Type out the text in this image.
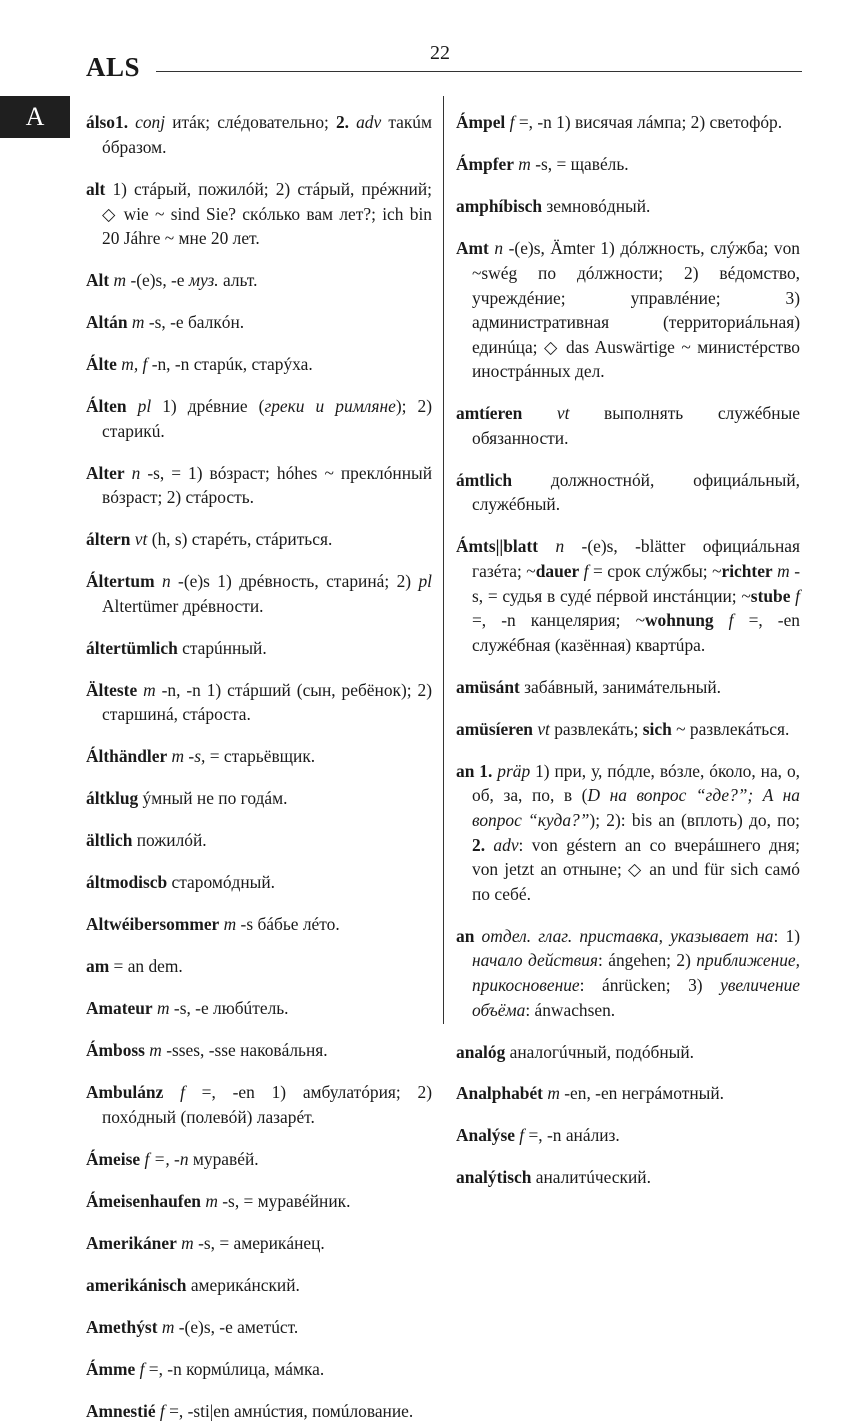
ALS	22
A álso1. conj итáк; слéдовательно; 2. adv такúм óбразом.

alt 1) стáрый, пожилóй; 2) стáрый, прéжний; ◇ wie ~ sind Sie? скóлько вам лет?; ich bin 20 Jáhre ~ мне 20 лет.

Alt m -(e)s, -e муз. альт.

Altán m -s, -e балкóн.

Álte m, f -n, -n старúк, старýха.

Álten pl 1) дрéвние (греки и римляне); 2) старикú.

Alter n -s, = 1) вóзраст; hóhes ~ преклóнный вóзраст; 2) стáрость.

áltern vt (h, s) старéть, стáриться.

Áltertum n -(e)s 1) дрéвность, старинá; 2) pl Altertümer дрéвности.

áltertümlich старúнный.

Älteste m -n, -n 1) стáрший (сын, ребёнок); 2) старшинá, стáроста.

Álthändler m -s, = старьёвщик.

áltklug ýмный не по годáм.

ältlich пожилóй.

áltmodiscb старомóдный.

Altwéibersommer m -s бáбье лéто.

am = an dem.

Amateur m -s, -e любúтель.

Ámboss m -sses, -sse наковáльня.

Ambulánz f =, -en 1) амбулатóрия; 2) похóдный (полевóй) лазарéт.

Ámeise f =, -n муравéй.

Ámeisenhaufen m -s, = муравéйник.

Amerikáner m -s, = америкáнец.

amerikánisch америкáнский.

Amethýst m -(e)s, -e аметúст.

Ámme f =, -n кормúлица, мáмка.

Amnestié f =, -sti|en амнúстия, помúлование.

Ámpel f =, -n 1) висячая лáмпа; 2) светофóр.

Ámpfer m -s, = щавéль.

amphíbisch земновóдный.

Amt n -(e)s, Ämter 1) дóлжность, слýжба; von ~swég по дóлжности; 2) вéдомство, учреждéние; управлéние; 3) административная (территориáльная) единúца; ◇ das Auswärtige ~ министéрство инострáнных дел.

amtíeren vt выполнять служéбные обязанности.

ámtlich должностнóй, официáльный, служéбный.

Ámts||blatt n -(e)s, -blätter официáльная газéта; ~dauer f = срок слýжбы; ~richter m -s, = судья в судé пéрвой инстáнции; ~stube f =, -n канцелярия; ~wohnung f =, -en служéбная (казённая) квартúра.

amüsánt забáвный, занимáтельный.

amüsíeren vt развлекáть; sich ~ развлекáться.

an 1. präp 1) при, у, пóдле, вóзле, óколо, на, о, об, за, по, в (D на вопрос “где?”; A на вопрос “куда?”); 2): bis an (вплоть) до, по; 2. adv: von géstern an со вчерáшнего дня; von jetzt an отнынe; ◇ an und für sich самó по себé.

an отдел. глаг. приставка, указывает на: 1) начало действия: ángehen; 2) приближение, прикосновение: ánrücken; 3) увеличение объёма: ánwachsen.

analóg аналогúчный, подóбный.

Analphabét m -en, -en негрáмотный.

Analýse f =, -n анáлиз.

analýtisch аналитúческий.
